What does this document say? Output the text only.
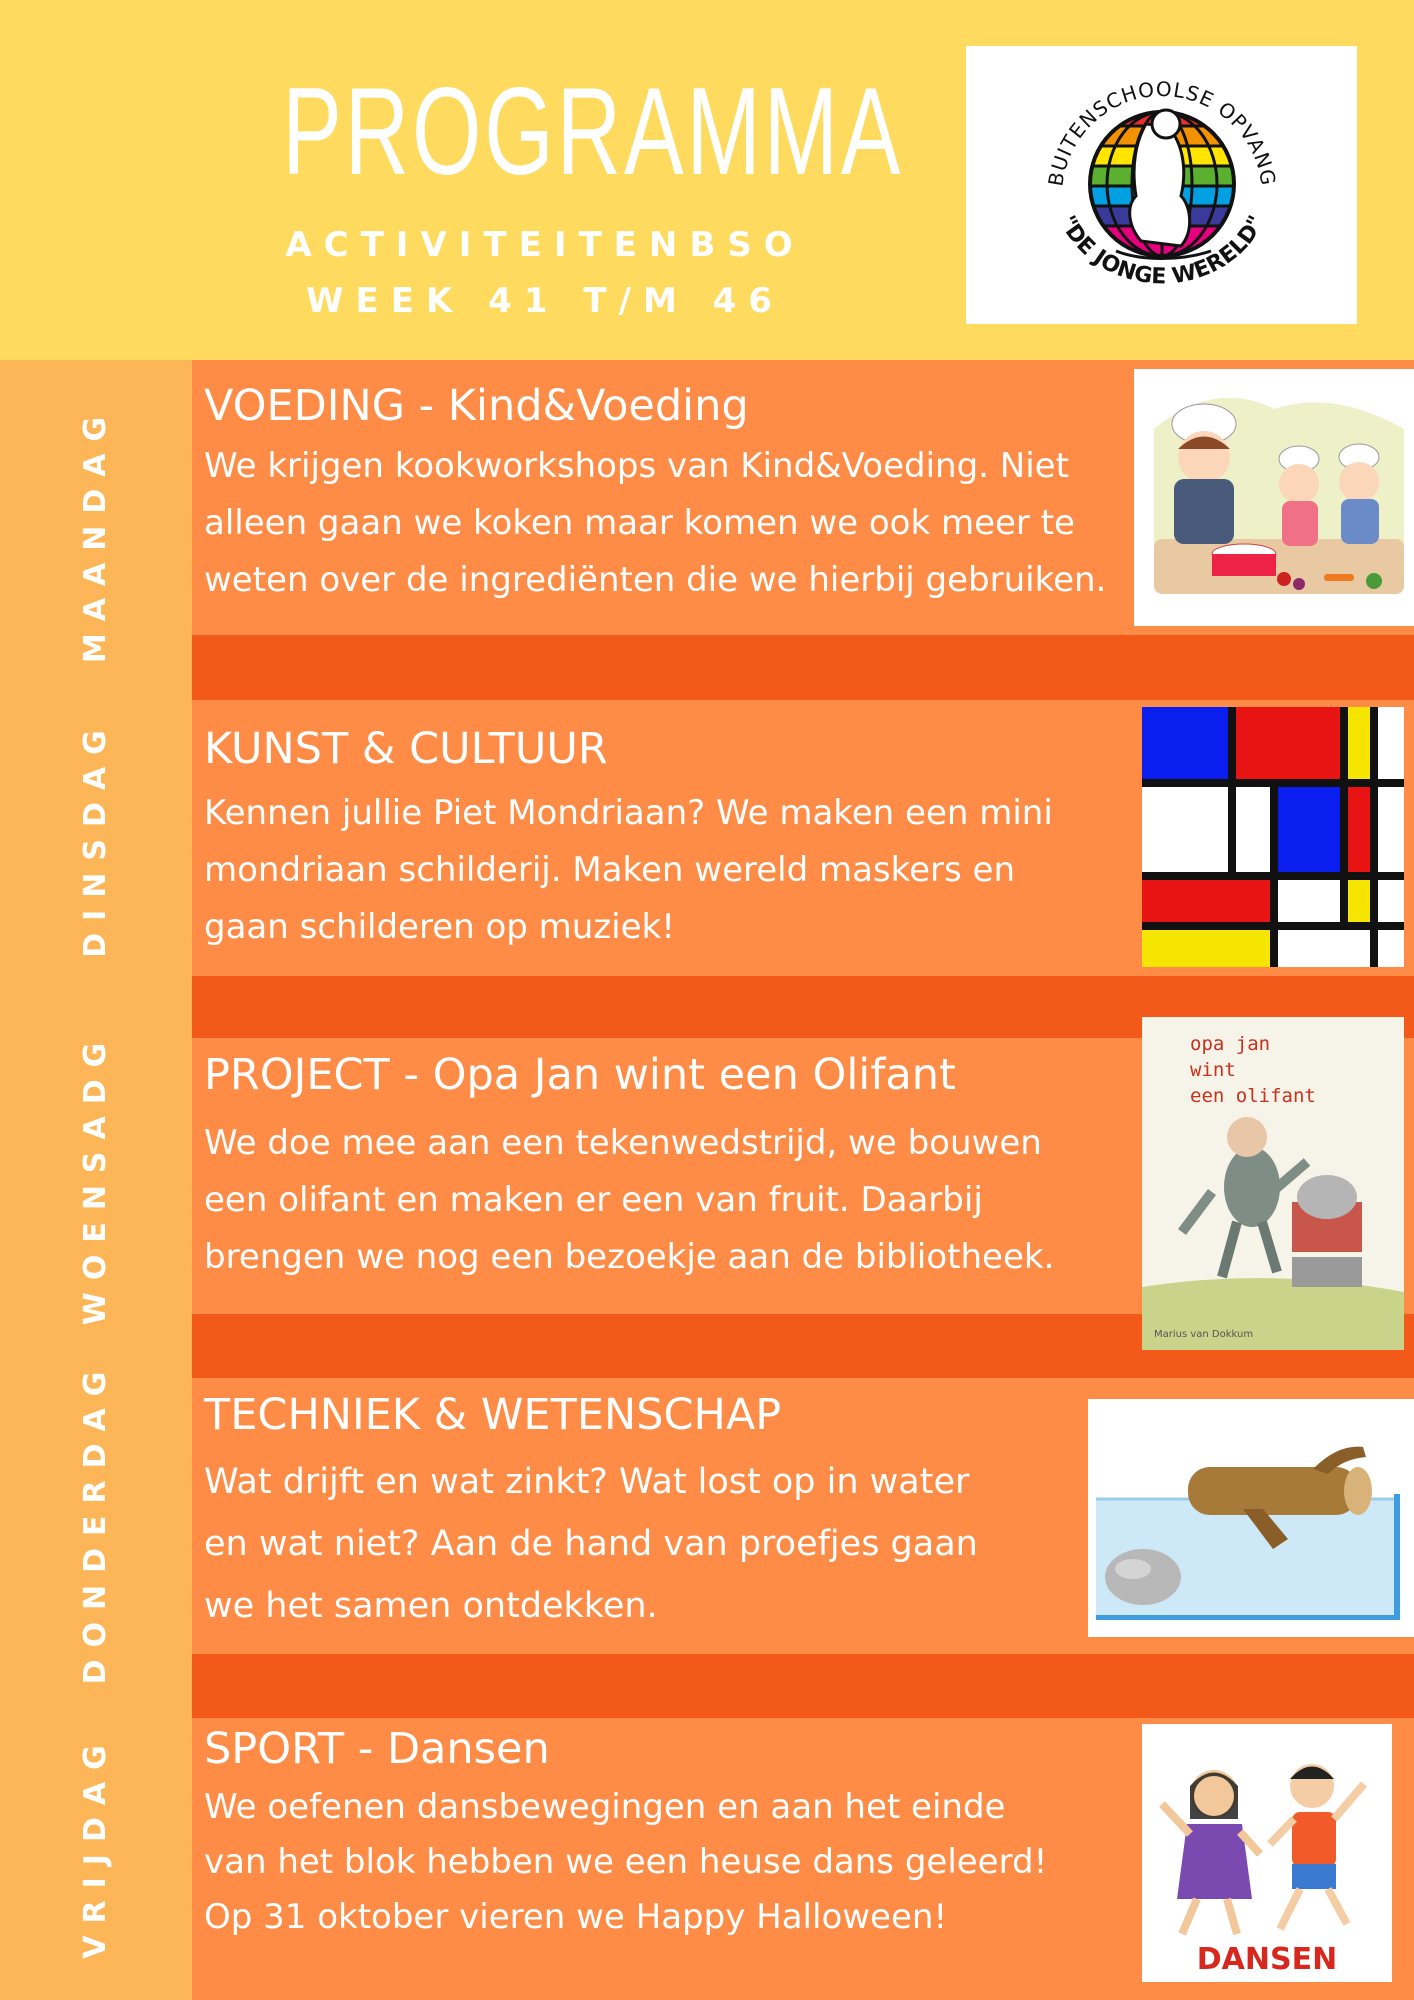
PROGRAMMA
ACTIVITEITENBSO
WEEK 41 T/M 46
BUITENSCHOOLSE OPVANG
"DE JONGE WERELD"
MAANDAG
DINSDAG
WOENSADG
DONDERDAG
VRIJDAG
VOEDING - Kind&Voeding
We krijgen kookworkshops van Kind&Voeding. Niet
alleen gaan we koken maar komen we ook meer te
weten over de ingrediënten die we hierbij gebruiken.
KUNST & CULTUUR
Kennen jullie Piet Mondriaan? We maken een mini
mondriaan schilderij. Maken wereld maskers en
gaan schilderen op muziek!
PROJECT - Opa Jan wint een Olifant
We doe mee aan een tekenwedstrijd, we bouwen
een olifant en maken er een van fruit. Daarbij
brengen we nog een bezoekje aan de bibliotheek.
opa jan
wint
een olifant
Marius van Dokkum
TECHNIEK & WETENSCHAP
Wat drijft en wat zinkt? Wat lost op in water
en wat niet? Aan de hand van proefjes gaan
we het samen ontdekken.
SPORT - Dansen
We oefenen dansbewegingen en aan het einde
van het blok hebben we een heuse dans geleerd!
Op 31 oktober vieren we Happy Halloween!
DANSEN
